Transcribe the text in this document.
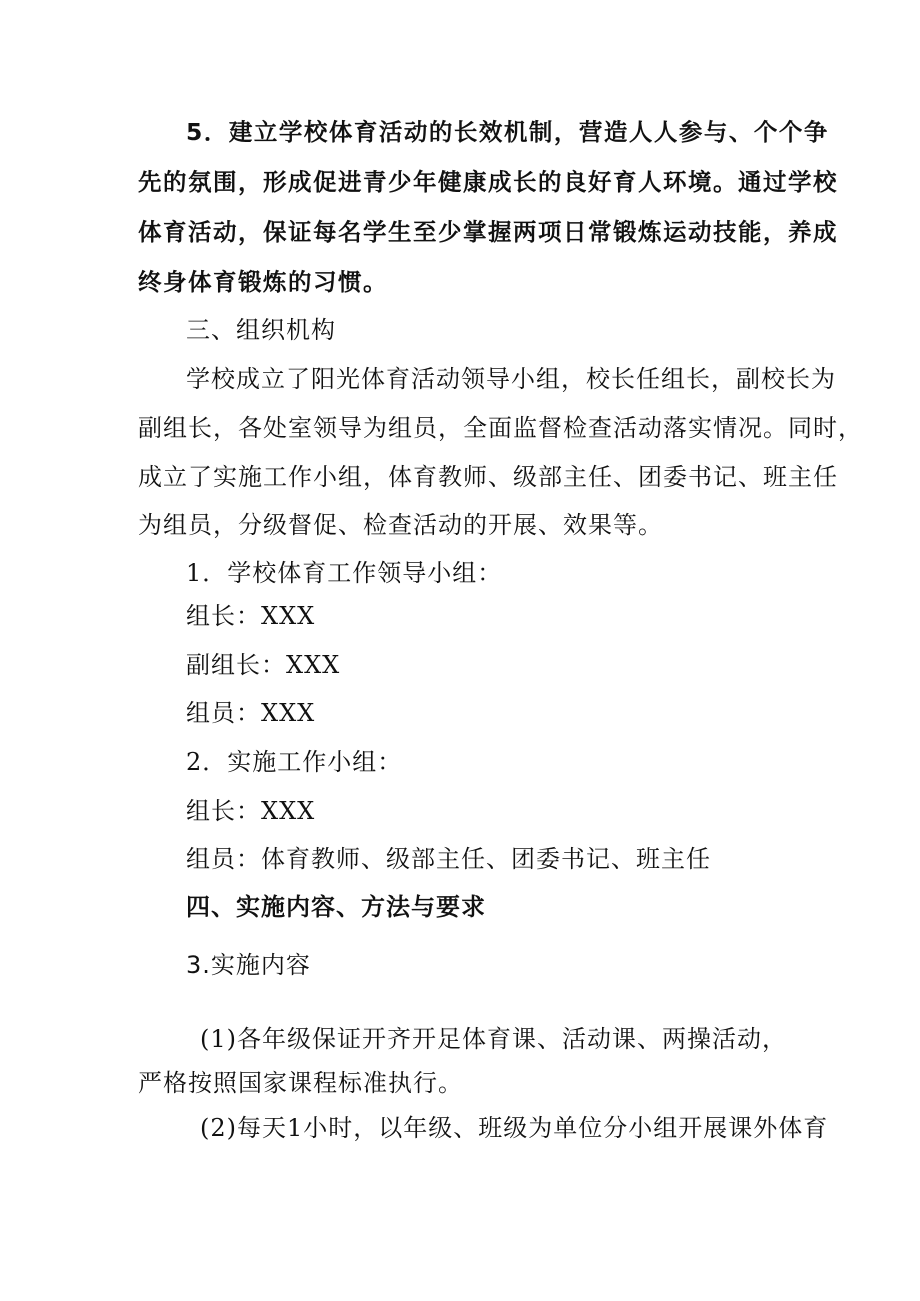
5．建立学校体育活动的长效机制，营造人人参与、个个争
先的氛围，形成促进青少年健康成长的良好育人环境。通过学校
体育活动，保证每名学生至少掌握两项日常锻炼运动技能，养成
终身体育锻炼的习惯。
三、组织机构
学校成立了阳光体育活动领导小组，校长任组长，副校长为
副组长，各处室领导为组员，全面监督检查活动落实情况。同时，
成立了实施工作小组，体育教师、级部主任、团委书记、班主任
为组员，分级督促、检查活动的开展、效果等。
1．学校体育工作领导小组：
组长：XXX
副组长：XXX
组员：XXX
2．实施工作小组：
组长：XXX
组员：体育教师、级部主任、团委书记、班主任
四、实施内容、方法与要求
3.实施内容
(1)各年级保证开齐开足体育课、活动课、两操活动，
严格按照国家课程标准执行。
(2)每天1小时，以年级、班级为单位分小组开展课外体育
